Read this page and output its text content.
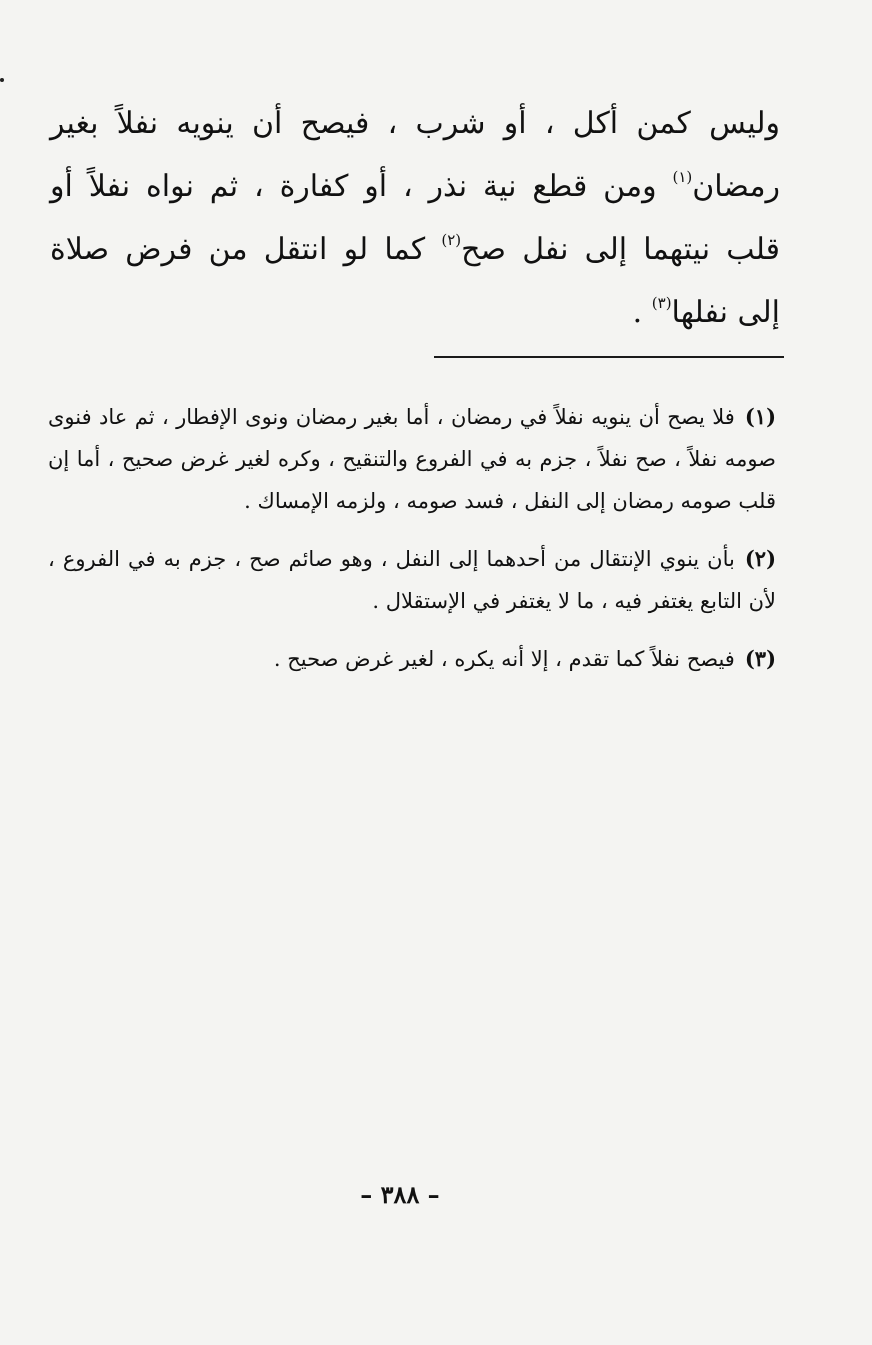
وليس كمن أكل ، أو شرب ، فيصح أن ينويه نفلاً بغير
رمضان$^{(١)}$ ومن قطع نية نذر ، أو كفارة ، ثم نواه نفلاً أو
قلب نيتهما إلى نفل صح$^{(٢)}$ كما لو انتقل من فرض صلاة
إلى نفلها$^{(٣)}$ .
(١)فلا يصح أن ينويه نفلاً في رمضان ، أما بغير رمضان ونوى الإفطار ، ثم عاد فنوى صومه نفلاً ، صح نفلاً ، جزم به في الفروع والتنقيح ، وكره لغير غرض صحيح ، أما إن قلب صومه رمضان إلى النفل ، فسد صومه ، ولزمه الإمساك .
(٢)بأن ينوي الإنتقال من أحدهما إلى النفل ، وهو صائم صح ، جزم به في الفروع ، لأن التابع يغتفر فيه ، ما لا يغتفر في الإستقلال .
(٣)فيصح نفلاً كما تقدم ، إلا أنه يكره ، لغير غرض صحيح .
– ٣٨٨ –
